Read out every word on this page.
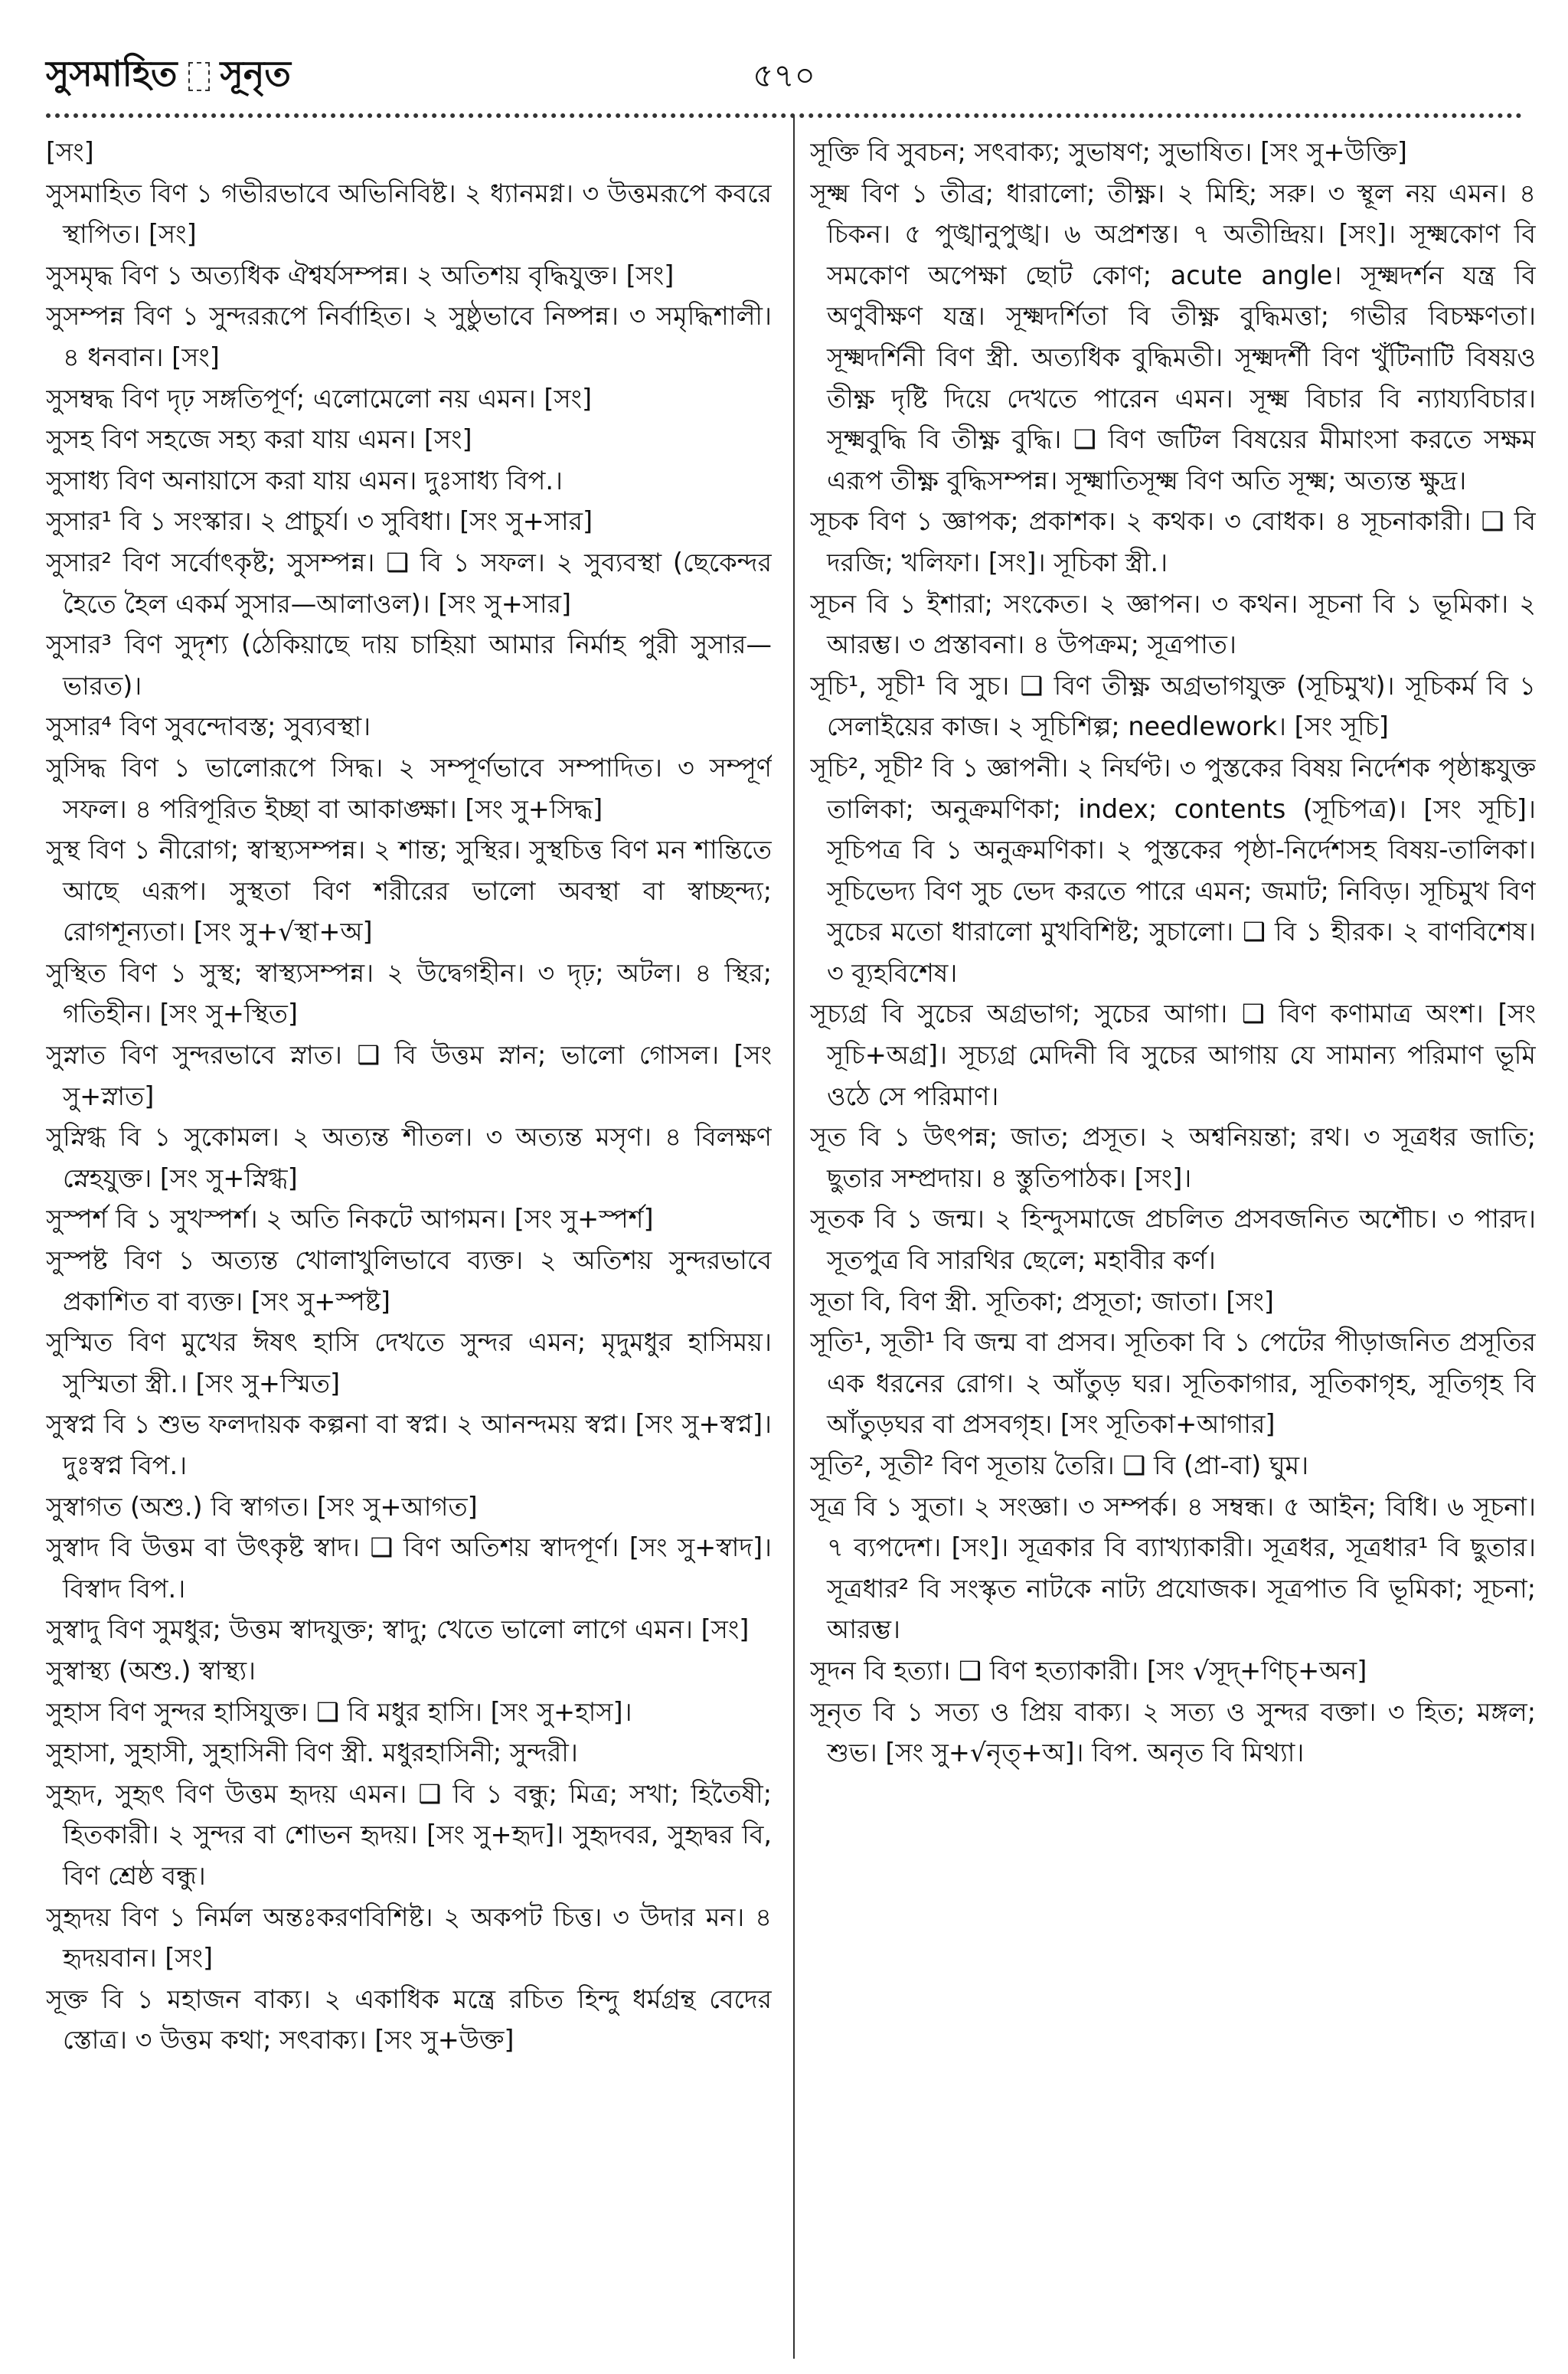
সুসমাহিত সূনৃত	৫৭০

[সং]

সুসমাহিত বিণ ১ গভীরভাবে অভিনিবিষ্ট। ২ ধ্যানমগ্ন। ৩ উত্তমরূপে কবরে স্থাপিত। [সং]

সুসমৃদ্ধ বিণ ১ অত্যধিক ঐশ্বর্যসম্পন্ন। ২ অতিশয় বৃদ্ধিযুক্ত। [সং]

সুসম্পন্ন বিণ ১ সুন্দররূপে নির্বাহিত। ২ সুষ্ঠুভাবে নিষ্পন্ন। ৩ সমৃদ্ধিশালী। ৪ ধনবান। [সং]

সুসম্বদ্ধ বিণ দৃঢ় সঙ্গতিপূর্ণ; এলোমেলো নয় এমন। [সং]

সুসহ বিণ সহজে সহ্য করা যায় এমন। [সং]

সুসাধ্য বিণ অনায়াসে করা যায় এমন। দুঃসাধ্য বিপ.।

সুসার¹ বি ১ সংস্কার। ২ প্রাচুর্য। ৩ সুবিধা। [সং সু+সার]

সুসার² বিণ সর্বোৎকৃষ্ট; সুসম্পন্ন। ❑ বি ১ সফল। ২ সুব্যবস্থা (ছেকেন্দর হৈতে হৈল একর্ম সুসার—আলাওল)। [সং সু+সার]

সুসার³ বিণ সুদৃশ্য (ঠেকিয়াছে দায় চাহিয়া আমার নির্মাহ পুরী সুসার—ভারত)।

সুসার⁴ বিণ সুবন্দোবস্ত; সুব্যবস্থা।

সুসিদ্ধ বিণ ১ ভালোরূপে সিদ্ধ। ২ সম্পূর্ণভাবে সম্পাদিত। ৩ সম্পূর্ণ সফল। ৪ পরিপূরিত ইচ্ছা বা আকাঙ্ক্ষা। [সং সু+সিদ্ধ]

সুস্থ বিণ ১ নীরোগ; স্বাস্থ্যসম্পন্ন। ২ শান্ত; সুস্থির। সুস্থচিত্ত বিণ মন শান্তিতে আছে এরূপ। সুস্থতা বিণ শরীরের ভালো অবস্থা বা স্বাচ্ছন্দ্য; রোগশূন্যতা। [সং সু+√স্থা+অ]

সুস্থিত বিণ ১ সুস্থ; স্বাস্থ্যসম্পন্ন। ২ উদ্বেগহীন। ৩ দৃঢ়; অটল। ৪ স্থির; গতিহীন। [সং সু+স্থিত]

সুস্নাত বিণ সুন্দরভাবে স্নাত। ❑ বি উত্তম স্নান; ভালো গোসল। [সং সু+স্নাত]

সুস্নিগ্ধ বি ১ সুকোমল। ২ অত্যন্ত শীতল। ৩ অত্যন্ত মসৃণ। ৪ বিলক্ষণ স্নেহযুক্ত। [সং সু+স্নিগ্ধ]

সুস্পর্শ বি ১ সুখস্পর্শ। ২ অতি নিকটে আগমন। [সং সু+স্পর্শ]

সুস্পষ্ট বিণ ১ অত্যন্ত খোলাখুলিভাবে ব্যক্ত। ২ অতিশয় সুন্দরভাবে প্রকাশিত বা ব্যক্ত। [সং সু+স্পষ্ট]

সুস্মিত বিণ মুখের ঈষৎ হাসি দেখতে সুন্দর এমন; মৃদুমধুর হাসিময়। সুস্মিতা স্ত্রী.। [সং সু+স্মিত]

সুস্বপ্ন বি ১ শুভ ফলদায়ক কল্পনা বা স্বপ্ন। ২ আনন্দময় স্বপ্ন। [সং সু+স্বপ্ন]। দুঃস্বপ্ন বিপ.।

সুস্বাগত (অশু.) বি স্বাগত। [সং সু+আগত]

সুস্বাদ বি উত্তম বা উৎকৃষ্ট স্বাদ। ❑ বিণ অতিশয় স্বাদপূর্ণ। [সং সু+স্বাদ]। বিস্বাদ বিপ.।

সুস্বাদু বিণ সুমধুর; উত্তম স্বাদযুক্ত; স্বাদু; খেতে ভালো লাগে এমন। [সং]

সুস্বাস্থ্য (অশু.) স্বাস্থ্য।

সুহাস বিণ সুন্দর হাসিযুক্ত। ❑ বি মধুর হাসি। [সং সু+হাস]।

সুহাসা, সুহাসী, সুহাসিনী বিণ স্ত্রী. মধুরহাসিনী; সুন্দরী।

সুহৃদ, সুহৃৎ বিণ উত্তম হৃদয় এমন। ❑ বি ১ বন্ধু; মিত্র; সখা; হিতৈষী; হিতকারী। ২ সুন্দর বা শোভন হৃদয়। [সং সু+হৃদ]। সুহৃদবর, সুহৃদ্বর বি, বিণ শ্রেষ্ঠ বন্ধু।

সুহৃদয় বিণ ১ নির্মল অন্তঃকরণবিশিষ্ট। ২ অকপট চিত্ত। ৩ উদার মন। ৪ হৃদয়বান। [সং]

সূক্ত বি ১ মহাজন বাক্য। ২ একাধিক মন্ত্রে রচিত হিন্দু ধর্মগ্রন্থ বেদের স্তোত্র। ৩ উত্তম কথা; সৎবাক্য। [সং সু+উক্ত]

সূক্তি বি সুবচন; সৎবাক্য; সুভাষণ; সুভাষিত। [সং সু+উক্তি]

সূক্ষ্ম বিণ ১ তীব্র; ধারালো; তীক্ষ্ণ। ২ মিহি; সরু। ৩ স্থূল নয় এমন। ৪ চিকন। ৫ পুঙ্খানুপুঙ্খ। ৬ অপ্রশস্ত। ৭ অতীন্দ্রিয়। [সং]। সূক্ষ্মকোণ বি সমকোণ অপেক্ষা ছোট কোণ; acute angle। সূক্ষ্মদর্শন যন্ত্র বি অণুবীক্ষণ যন্ত্র। সূক্ষ্মদর্শিতা বি তীক্ষ্ণ বুদ্ধিমত্তা; গভীর বিচক্ষণতা। সূক্ষ্মদর্শিনী বিণ স্ত্রী. অত্যধিক বুদ্ধিমতী। সূক্ষ্মদর্শী বিণ খুঁটিনাটি বিষয়ও তীক্ষ্ণ দৃষ্টি দিয়ে দেখতে পারেন এমন। সূক্ষ্ম বিচার বি ন্যায্যবিচার। সূক্ষ্মবুদ্ধি বি তীক্ষ্ণ বুদ্ধি। ❑ বিণ জটিল বিষয়ের মীমাংসা করতে সক্ষম এরূপ তীক্ষ্ণ বুদ্ধিসম্পন্ন। সূক্ষ্মাতিসূক্ষ্ম বিণ অতি সূক্ষ্ম; অত্যন্ত ক্ষুদ্র।

সূচক বিণ ১ জ্ঞাপক; প্রকাশক। ২ কথক। ৩ বোধক। ৪ সূচনাকারী। ❑ বি দরজি; খলিফা। [সং]। সূচিকা স্ত্রী.।

সূচন বি ১ ইশারা; সংকেত। ২ জ্ঞাপন। ৩ কথন। সূচনা বি ১ ভূমিকা। ২ আরম্ভ। ৩ প্রস্তাবনা। ৪ উপক্রম; সূত্রপাত।

সূচি¹, সূচী¹ বি সুচ। ❑ বিণ তীক্ষ্ণ অগ্রভাগযুক্ত (সূচিমুখ)। সূচিকর্ম বি ১ সেলাইয়ের কাজ। ২ সূচিশিল্প; needlework। [সং সূচি]

সূচি², সূচী² বি ১ জ্ঞাপনী। ২ নির্ঘণ্ট। ৩ পুস্তকের বিষয় নির্দেশক পৃষ্ঠাঙ্কযুক্ত তালিকা; অনুক্রমণিকা; index; contents (সূচিপত্র)। [সং সূচি]। সূচিপত্র বি ১ অনুক্রমণিকা। ২ পুস্তকের পৃষ্ঠা-নির্দেশসহ বিষয়-তালিকা। সূচিভেদ্য বিণ সুচ ভেদ করতে পারে এমন; জমাট; নিবিড়। সূচিমুখ বিণ সুচের মতো ধারালো মুখবিশিষ্ট; সুচালো। ❑ বি ১ হীরক। ২ বাণবিশেষ। ৩ ব্যূহবিশেষ।

সূচ্যগ্র বি সুচের অগ্রভাগ; সুচের আগা। ❑ বিণ কণামাত্র অংশ। [সং সূচি+অগ্র]। সূচ্যগ্র মেদিনী বি সুচের আগায় যে সামান্য পরিমাণ ভূমি ওঠে সে পরিমাণ।

সূত বি ১ উৎপন্ন; জাত; প্রসূত। ২ অশ্বনিয়ন্তা; রথ। ৩ সূত্রধর জাতি; ছুতার সম্প্রদায়। ৪ স্তুতিপাঠক। [সং]।

সূতক বি ১ জন্ম। ২ হিন্দুসমাজে প্রচলিত প্রসবজনিত অশৌচ। ৩ পারদ। সূতপুত্র বি সারথির ছেলে; মহাবীর কর্ণ।

সূতা বি, বিণ স্ত্রী. সূতিকা; প্রসূতা; জাতা। [সং]

সূতি¹, সূতী¹ বি জন্ম বা প্রসব। সূতিকা বি ১ পেটের পীড়াজনিত প্রসূতির এক ধরনের রোগ। ২ আঁতুড় ঘর। সূতিকাগার, সূতিকাগৃহ, সূতিগৃহ বি আঁতুড়ঘর বা প্রসবগৃহ। [সং সূতিকা+আগার]

সূতি², সূতী² বিণ সূতায় তৈরি। ❑ বি (প্রা-বা) ঘুম।

সূত্র বি ১ সুতা। ২ সংজ্ঞা। ৩ সম্পর্ক। ৪ সম্বন্ধ। ৫ আইন; বিধি। ৬ সূচনা। ৭ ব্যপদেশ। [সং]। সূত্রকার বি ব্যাখ্যাকারী। সূত্রধর, সূত্রধার¹ বি ছুতার। সূত্রধার² বি সংস্কৃত নাটকে নাট্য প্রযোজক। সূত্রপাত বি ভূমিকা; সূচনা; আরম্ভ।

সূদন বি হত্যা। ❑ বিণ হত্যাকারী। [সং √সূদ্+ণিচ্+অন]

সূনৃত বি ১ সত্য ও প্রিয় বাক্য। ২ সত্য ও সুন্দর বক্তা। ৩ হিত; মঙ্গল; শুভ। [সং সু+√নৃত্+অ]। বিপ. অনৃত বি মিথ্যা।
